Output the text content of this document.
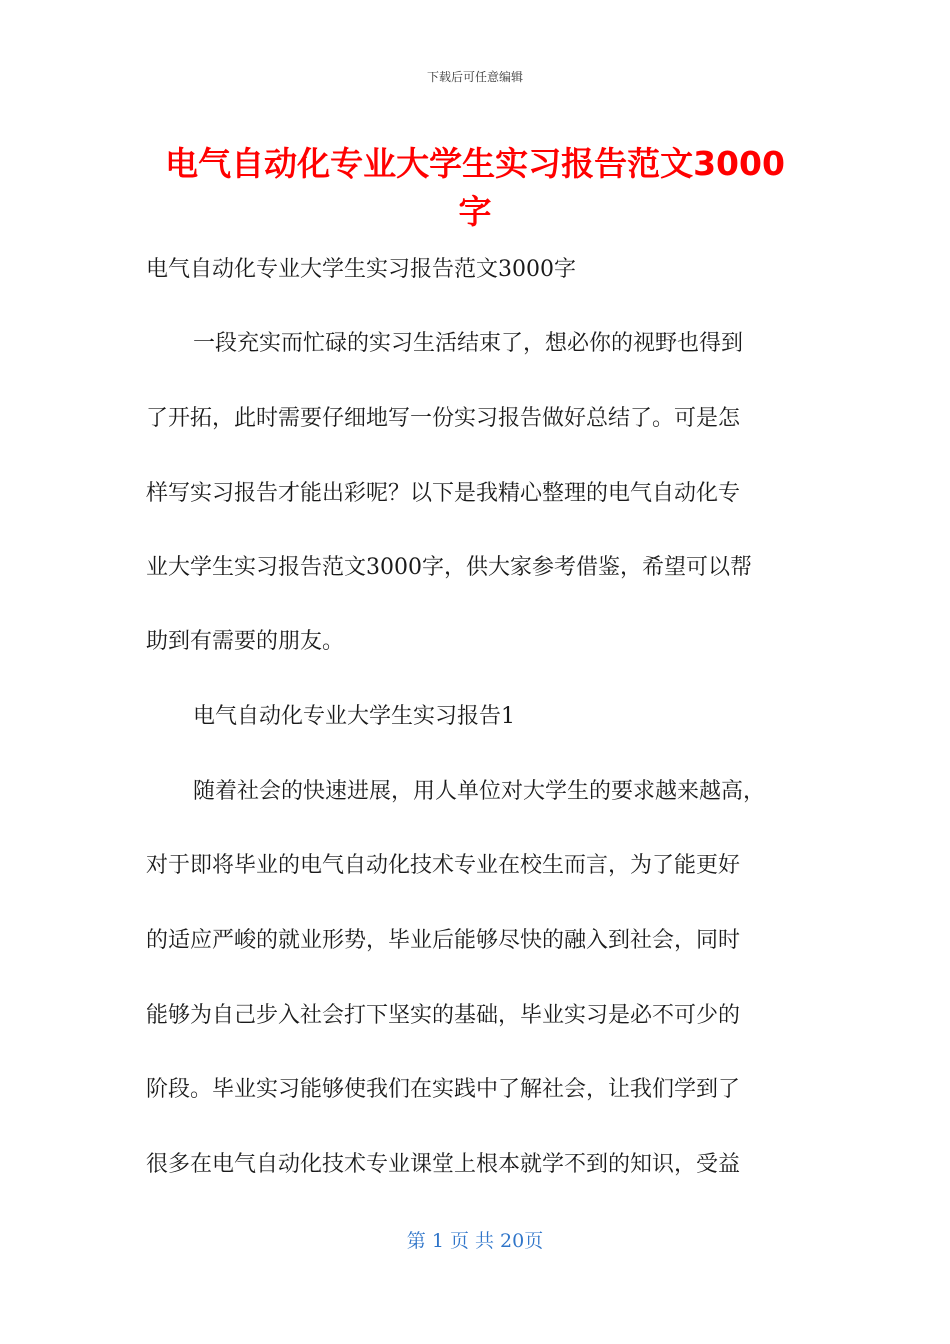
下载后可任意编辑
电气自动化专业大学生实习报告范文3000字

电气自动化专业大学生实习报告范文3000字

一段充实而忙碌的实习生活结束了，想必你的视野也得到

了开拓，此时需要仔细地写一份实习报告做好总结了。可是怎

样写实习报告才能出彩呢？以下是我精心整理的电气自动化专

业大学生实习报告范文3000字，供大家参考借鉴，希望可以帮

助到有需要的朋友。

电气自动化专业大学生实习报告1

随着社会的快速进展，用人单位对大学生的要求越来越高，

对于即将毕业的电气自动化技术专业在校生而言，为了能更好

的适应严峻的就业形势，毕业后能够尽快的融入到社会，同时

能够为自己步入社会打下坚实的基础，毕业实习是必不可少的

阶段。毕业实习能够使我们在实践中了解社会，让我们学到了

很多在电气自动化技术专业课堂上根本就学不到的知识，受益

第 1 页 共 20页
